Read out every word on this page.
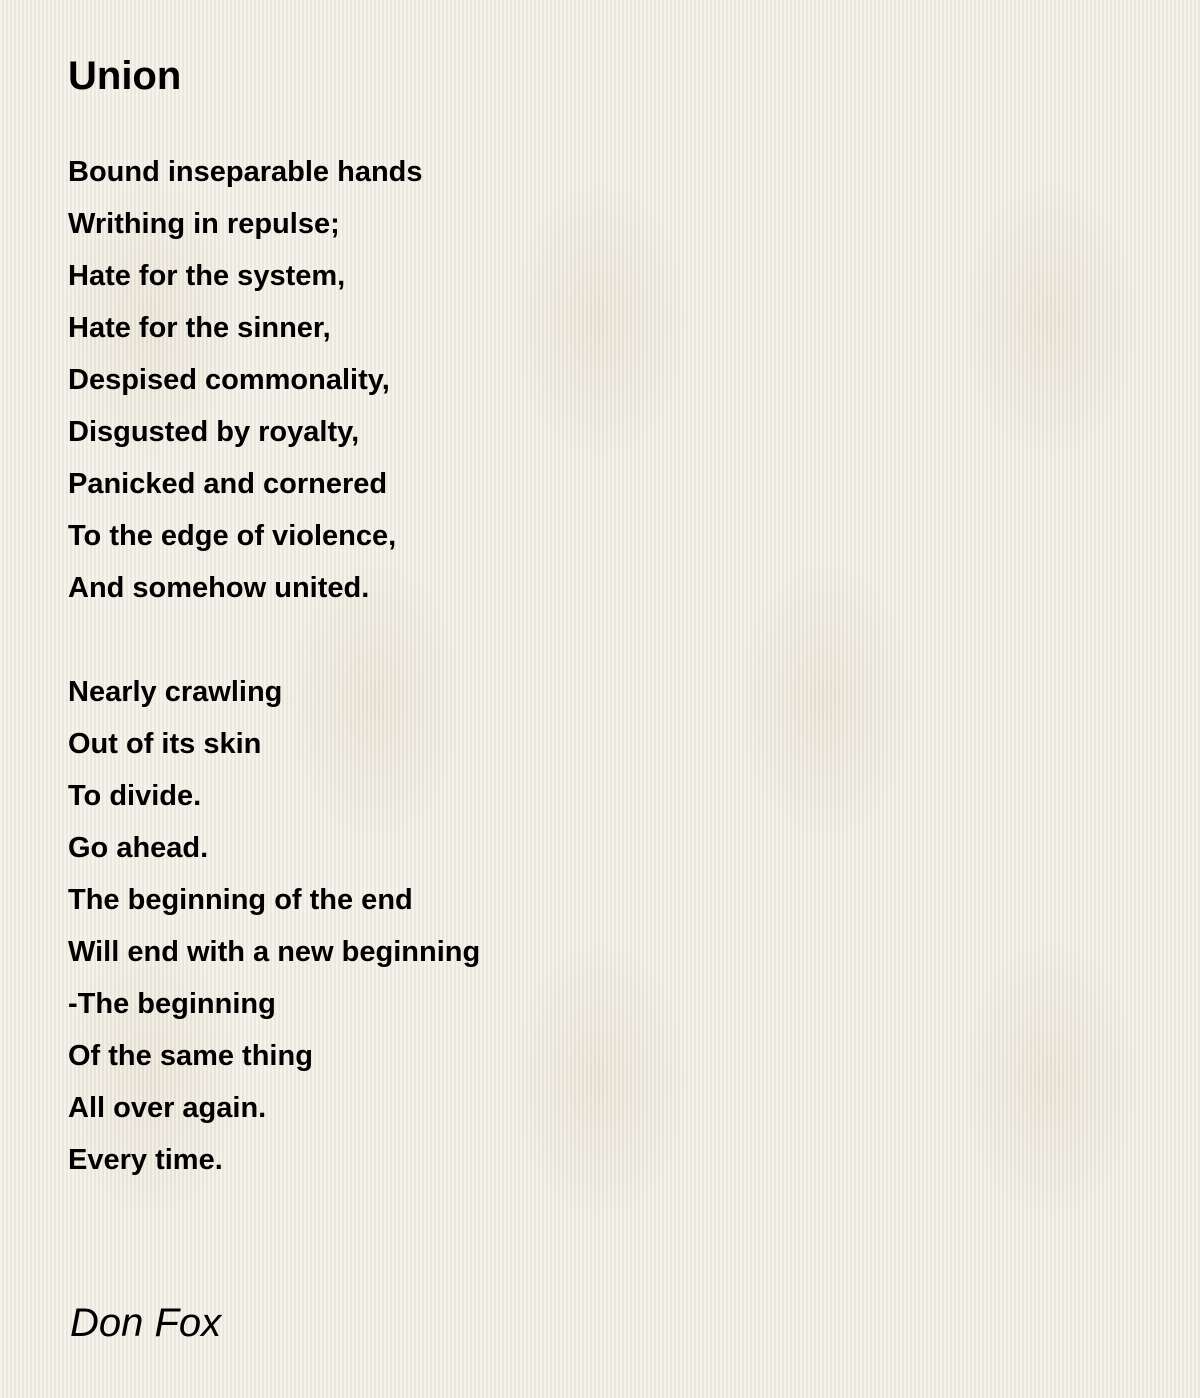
Union
Bound inseparable hands
Writhing in repulse;
Hate for the system,
Hate for the sinner,
Despised commonality,
Disgusted by royalty,
Panicked and cornered
To the edge of violence,
And somehow united.
Nearly crawling
Out of its skin
To divide.
Go ahead.
The beginning of the end
Will end with a new beginning
-The beginning
Of the same thing
All over again.
Every time.
Don Fox
